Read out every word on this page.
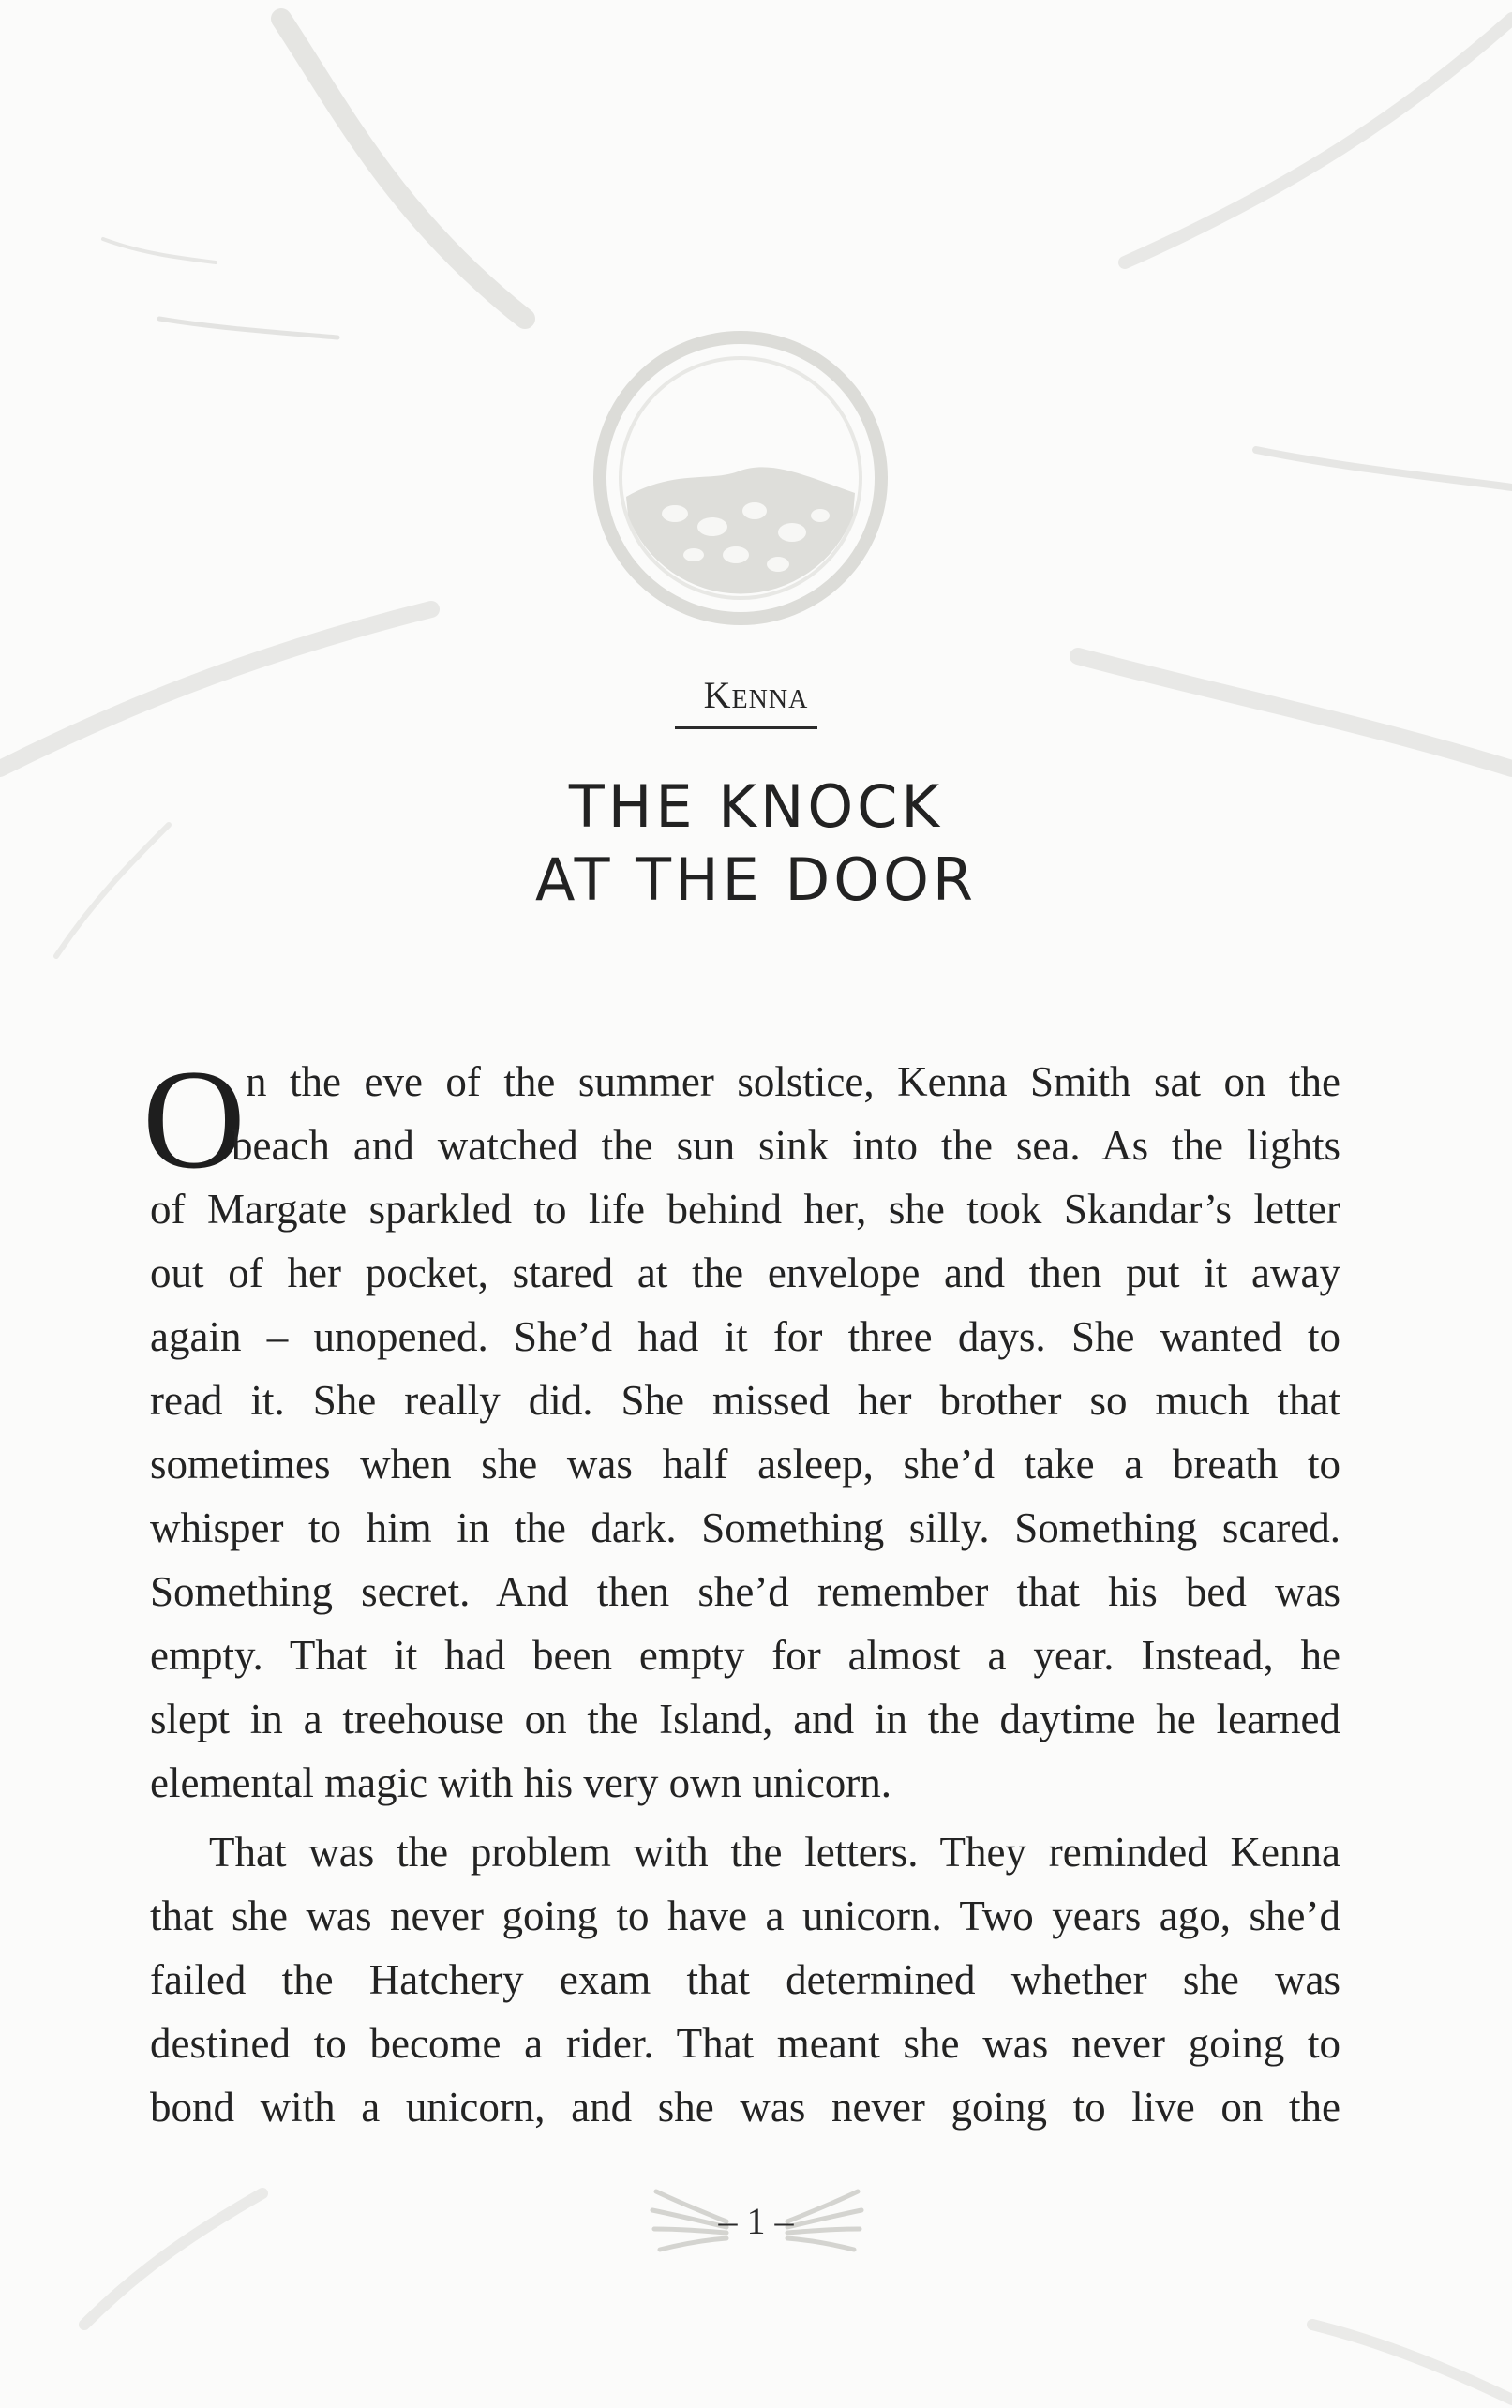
Kenna
THE KNOCK
AT THE DOOR
O n the eve of the summer solstice, Kenna Smith sat on the
beach and watched the sun sink into the sea. As the lights
of Margate sparkled to life behind her, she took Skandar’s letter
out of her pocket, stared at the envelope and then put it away
again – unopened. She’d had it for three days. She wanted to
read it. She really did. She missed her brother so much that
sometimes when she was half asleep, she’d take a breath to
whisper to him in the dark. Something silly. Something scared.
Something secret. And then she’d remember that his bed was
empty. That it had been empty for almost a year. Instead, he
slept in a treehouse on the Island, and in the daytime he learned
elemental magic with his very own unicorn.
That was the problem with the letters. They reminded Kenna
that she was never going to have a unicorn. Two years ago, she’d
failed the Hatchery exam that determined whether she was
destined to become a rider. That meant she was never going to
bond with a unicorn, and she was never going to live on the
– 1 –
